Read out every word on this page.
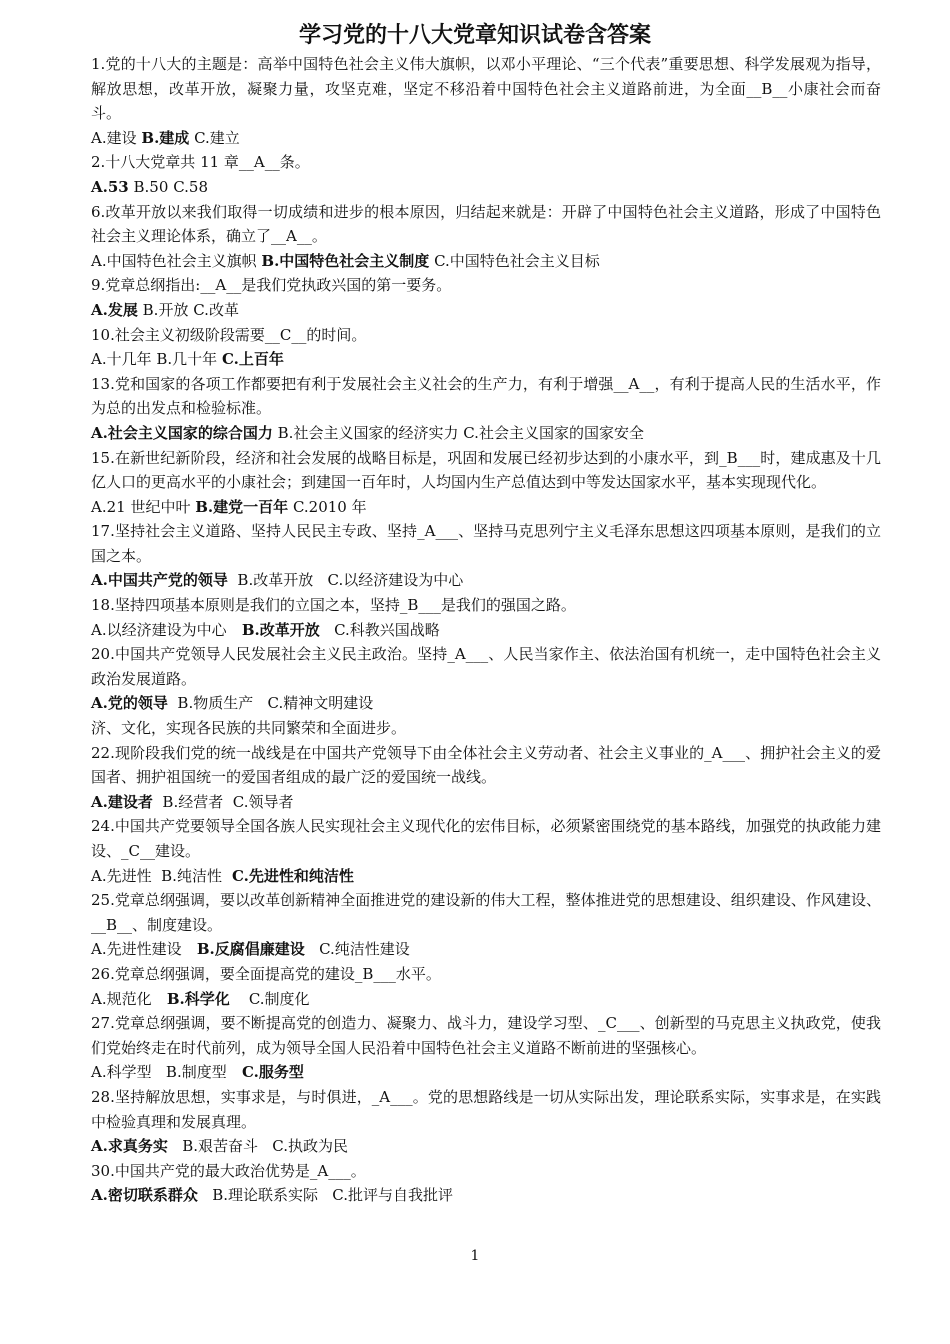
学习党的十八大党章知识试卷含答案

1.党的十八大的主题是：高举中国特色社会主义伟大旗帜，以邓小平理论、“三个代表”重要思想、科学发展观为指导，解放思想，改革开放，凝聚力量，攻坚克难，坚定不移沿着中国特色社会主义道路前进，为全面__B__小康社会而奋斗。

A.建设 B.建成 C.建立

2.十八大党章共 11 章__A__条。

A.53 B.50 C.58

6.改革开放以来我们取得一切成绩和进步的根本原因，归结起来就是：开辟了中国特色社会主义道路，形成了中国特色社会主义理论体系，确立了__A__。

A.中国特色社会主义旗帜 B.中国特色社会主义制度 C.中国特色社会主义目标

9.党章总纲指出:__A__是我们党执政兴国的第一要务。

A.发展 B.开放 C.改革

10.社会主义初级阶段需要__C__的时间。

A.十几年 B.几十年 C.上百年

13.党和国家的各项工作都要把有利于发展社会主义社会的生产力，有利于增强__A__，有利于提高人民的生活水平，作为总的出发点和检验标准。

A.社会主义国家的综合国力 B.社会主义国家的经济实力 C.社会主义国家的国家安全

15.在新世纪新阶段，经济和社会发展的战略目标是，巩固和发展已经初步达到的小康水平，到_B___时，建成惠及十几亿人口的更高水平的小康社会；到建国一百年时，人均国内生产总值达到中等发达国家水平，基本实现现代化。

A.21 世纪中叶 B.建党一百年 C.2010 年

17.坚持社会主义道路、坚持人民民主专政、坚持_A___、坚持马克思列宁主义毛泽东思想这四项基本原则，是我们的立国之本。

A.中国共产党的领导  B.改革开放   C.以经济建设为中心

18.坚持四项基本原则是我们的立国之本，坚持_B___是我们的强国之路。

A.以经济建设为中心   B.改革开放   C.科教兴国战略

20.中国共产党领导人民发展社会主义民主政治。坚持_A___、人民当家作主、依法治国有机统一，走中国特色社会主义政治发展道路。

A.党的领导  B.物质生产   C.精神文明建设

济、文化，实现各民族的共同繁荣和全面进步。

22.现阶段我们党的统一战线是在中国共产党领导下由全体社会主义劳动者、社会主义事业的_A___、拥护社会主义的爱国者、拥护祖国统一的爱国者组成的最广泛的爱国统一战线。

A.建设者  B.经营者  C.领导者

24.中国共产党要领导全国各族人民实现社会主义现代化的宏伟目标，必须紧密围绕党的基本路线，加强党的执政能力建设、_C__建设。

A.先进性  B.纯洁性  C.先进性和纯洁性

25.党章总纲强调，要以改革创新精神全面推进党的建设新的伟大工程，整体推进党的思想建设、组织建设、作风建设、__B__、制度建设。

A.先进性建设   B.反腐倡廉建设   C.纯洁性建设

26.党章总纲强调，要全面提高党的建设_B___水平。

A.规范化   B.科学化    C.制度化

27.党章总纲强调，要不断提高党的创造力、凝聚力、战斗力，建设学习型、_C___、创新型的马克思主义执政党，使我们党始终走在时代前列，成为领导全国人民沿着中国特色社会主义道路不断前进的坚强核心。

A.科学型   B.制度型   C.服务型

28.坚持解放思想，实事求是，与时俱进，_A___。党的思想路线是一切从实际出发，理论联系实际，实事求是，在实践中检验真理和发展真理。

A.求真务实   B.艰苦奋斗   C.执政为民

30.中国共产党的最大政治优势是_A___。

A.密切联系群众   B.理论联系实际   C.批评与自我批评

1
